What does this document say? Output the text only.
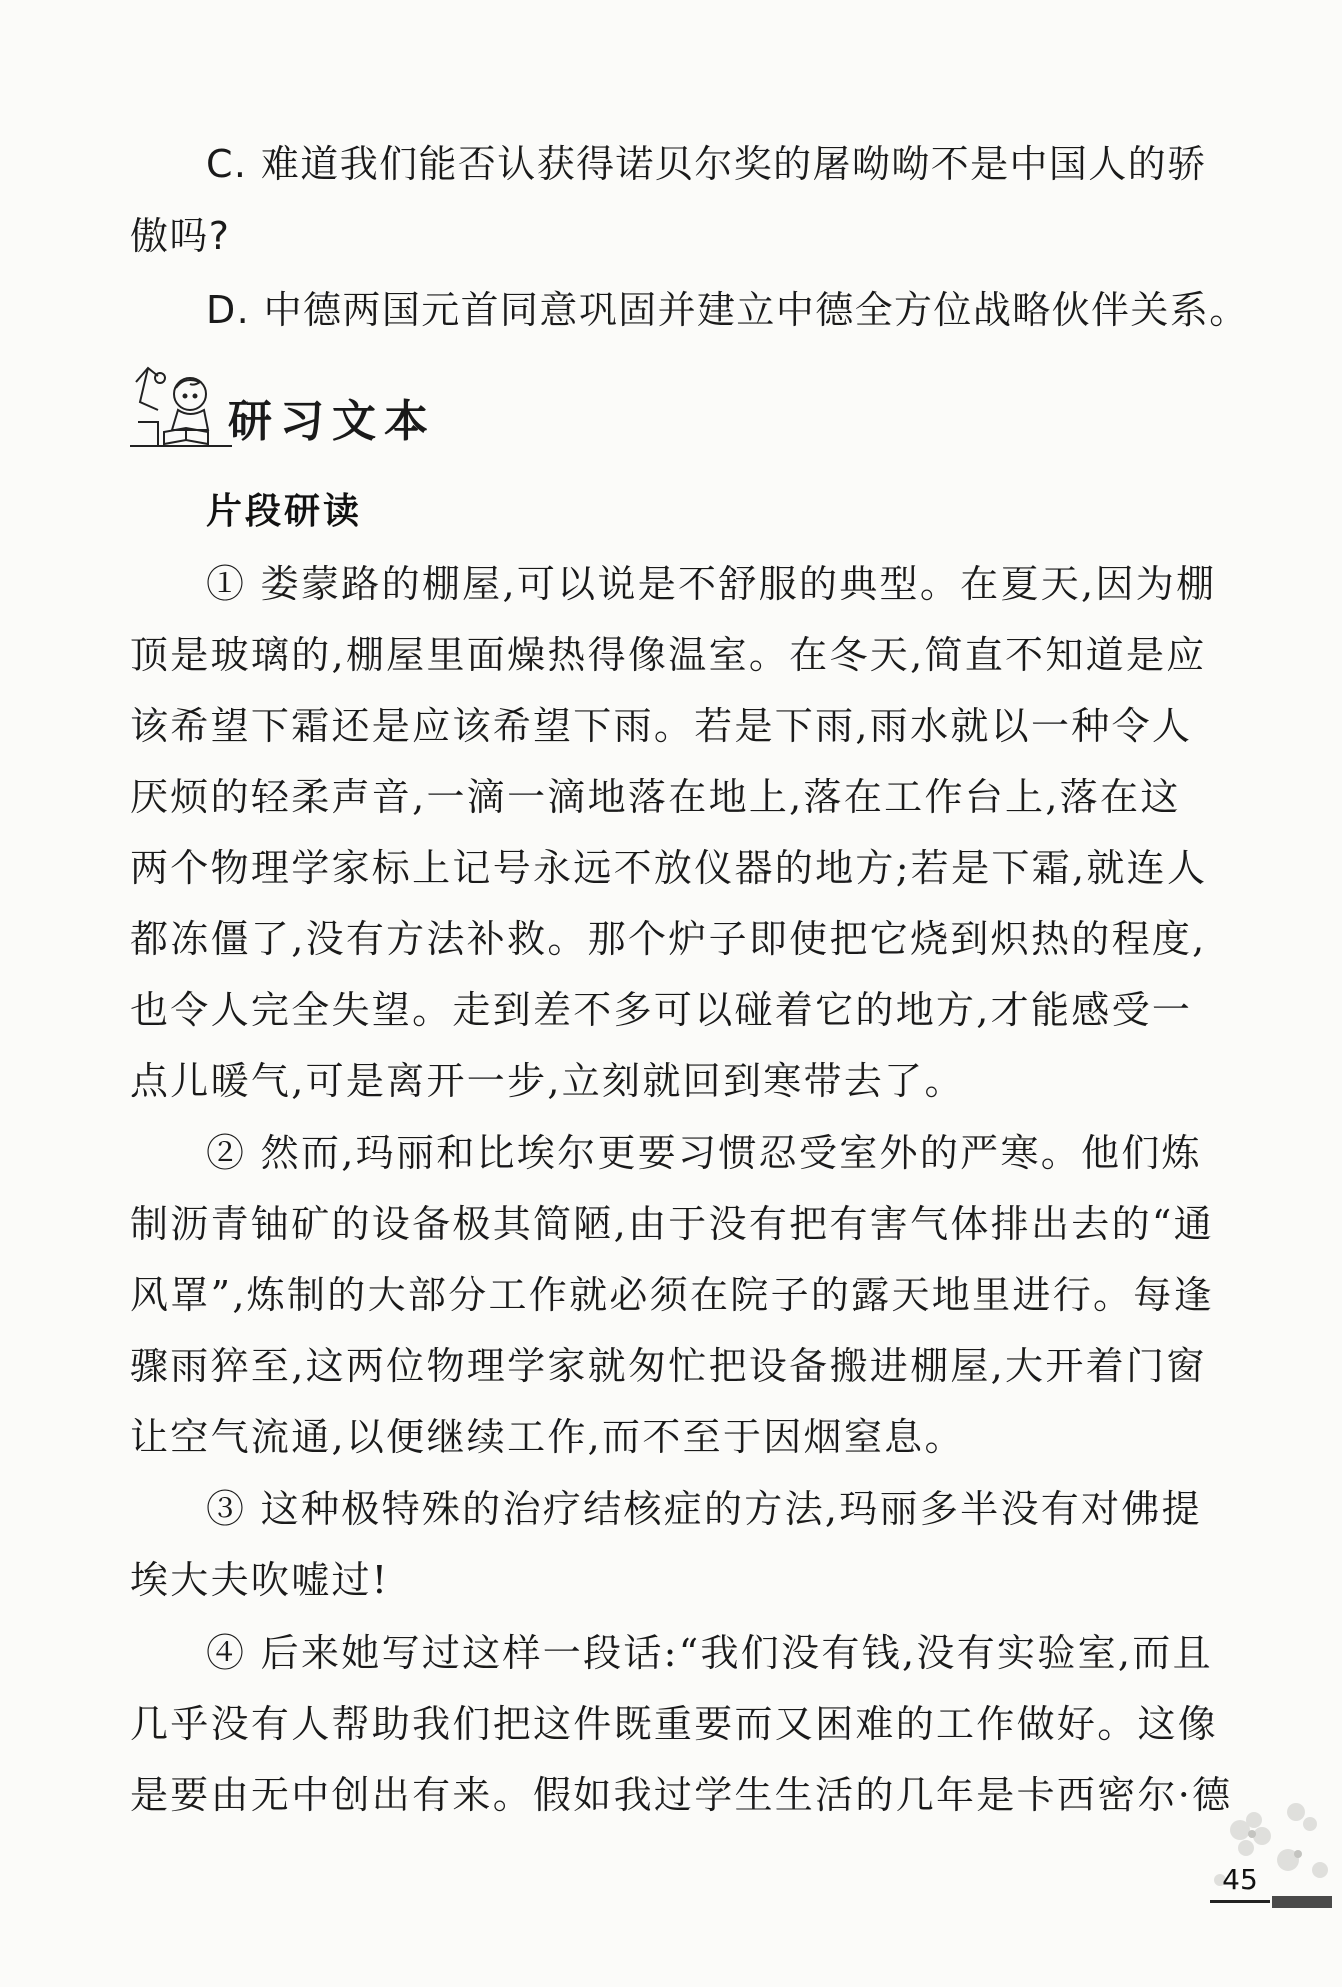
C. 难道我们能否认获得诺贝尔奖的屠呦呦不是中国人的骄

傲吗?

D. 中德两国元首同意巩固并建立中德全方位战略伙伴关系。

研习文本
片段研读

① 娄蒙路的棚屋,可以说是不舒服的典型。在夏天,因为棚

顶是玻璃的,棚屋里面燥热得像温室。在冬天,简直不知道是应

该希望下霜还是应该希望下雨。若是下雨,雨水就以一种令人

厌烦的轻柔声音,一滴一滴地落在地上,落在工作台上,落在这

两个物理学家标上记号永远不放仪器的地方;若是下霜,就连人

都冻僵了,没有方法补救。那个炉子即使把它烧到炽热的程度,

也令人完全失望。走到差不多可以碰着它的地方,才能感受一

点儿暖气,可是离开一步,立刻就回到寒带去了。

② 然而,玛丽和比埃尔更要习惯忍受室外的严寒。他们炼

制沥青铀矿的设备极其简陋,由于没有把有害气体排出去的“通

风罩”,炼制的大部分工作就必须在院子的露天地里进行。每逢

骤雨猝至,这两位物理学家就匆忙把设备搬进棚屋,大开着门窗

让空气流通,以便继续工作,而不至于因烟窒息。

③ 这种极特殊的治疗结核症的方法,玛丽多半没有对佛提

埃大夫吹嘘过!

④ 后来她写过这样一段话:“我们没有钱,没有实验室,而且

几乎没有人帮助我们把这件既重要而又困难的工作做好。这像

是要由无中创出有来。假如我过学生生活的几年是卡西密尔·德

45
